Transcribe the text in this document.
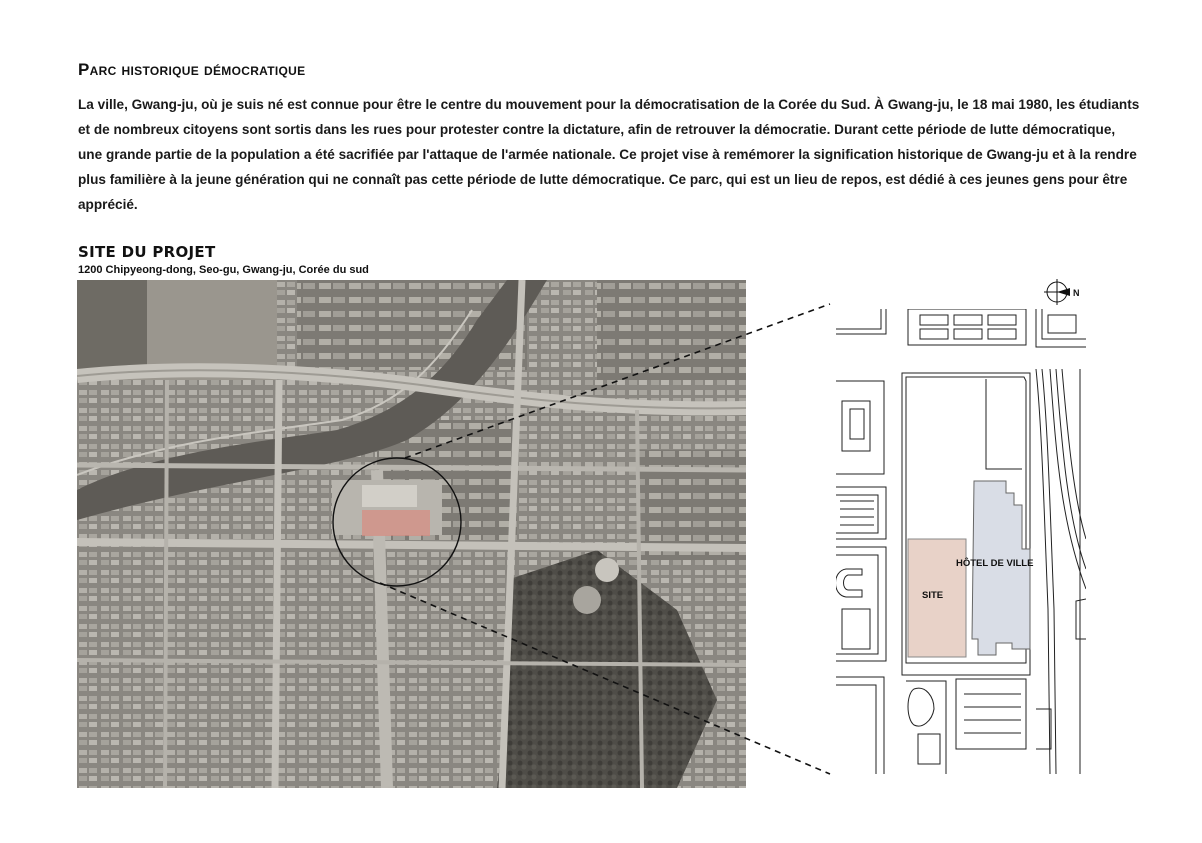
Parc historique démocratique

La ville, Gwang-ju, où je suis né est connue pour être le centre du mouvement pour la démocratisation de la Corée du Sud. À Gwang-ju, le 18 mai 1980, les étudiants et de nombreux citoyens sont sortis dans les rues pour protester contre la dictature, afin de retrouver la démocratie. Durant cette période de lutte démocratique, une grande partie de la population a été sacrifiée par l'attaque de l'armée nationale. Ce projet vise à remémorer la signification historique de Gwang-ju et à la rendre plus familière à la jeune génération qui ne connaît pas cette période de lutte démocratique. Ce parc, qui est un lieu de repos, est dédié à ces jeunes gens pour être apprécié.

SITE DU PROJET

1200 Chipyeong-dong, Seo-gu, Gwang-ju, Corée du sud

SITE
HÔTEL DE VILLE
N
